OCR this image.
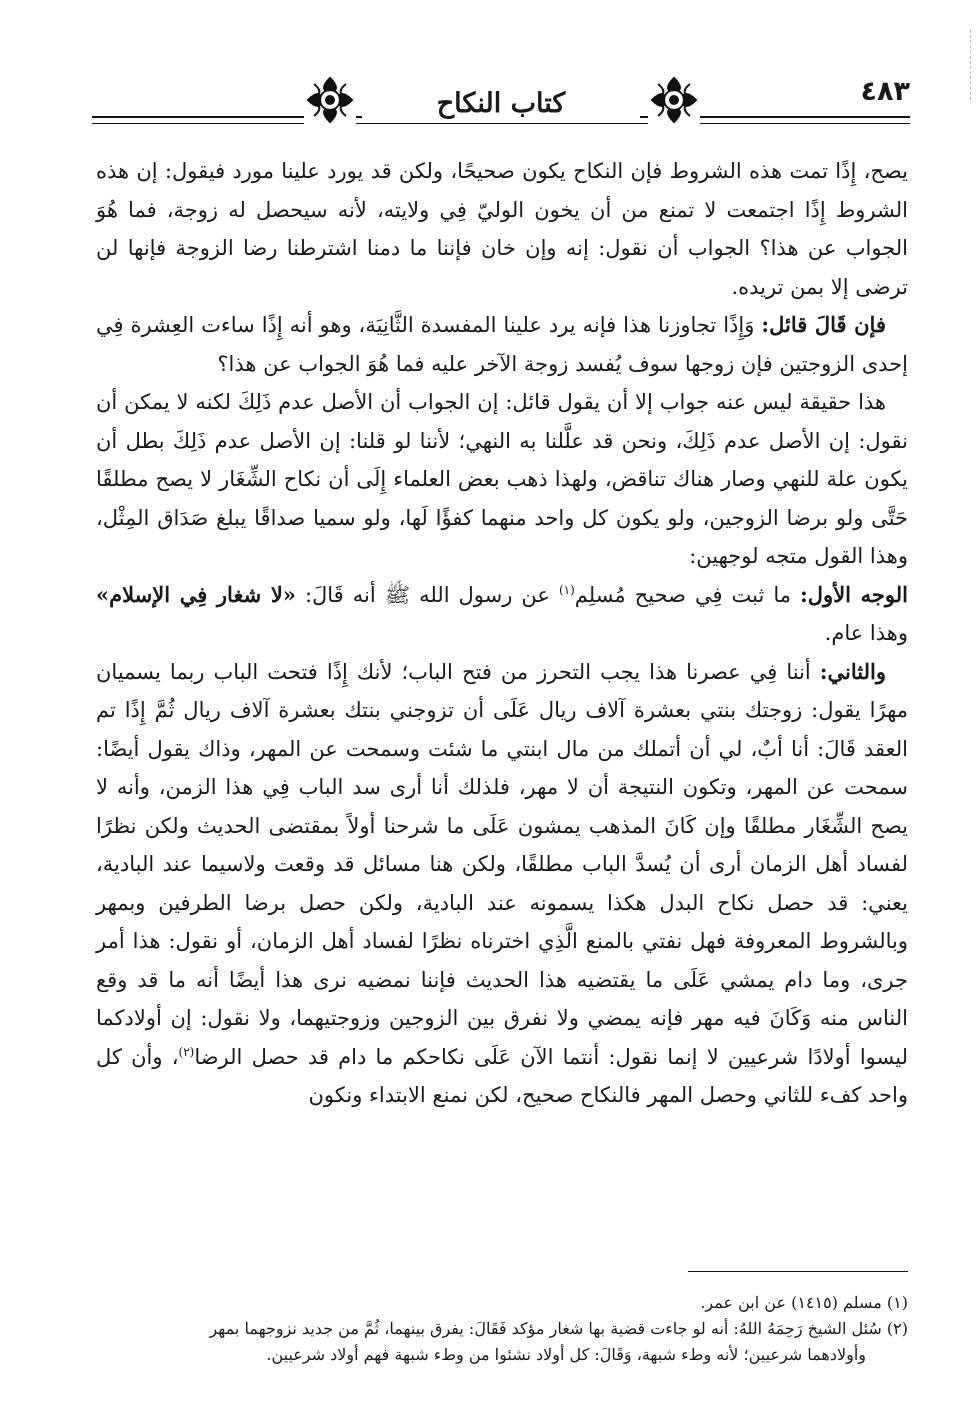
٤٨٣
كتاب النكاح

يصح، إِذًا تمت هذه الشروط فإن النكاح يكون صحيحًا، ولكن قد يورد علينا مورد فيقول: إن هذه الشروط إِذًا اجتمعت لا تمنع من أن يخون الوليّ فِي ولايته، لأنه سيحصل له زوجة، فما هُوَ الجواب عن هذا؟ الجواب أن نقول: إنه وإن خان فإننا ما دمنا اشترطنا رضا الزوجة فإنها لن ترضى إلا بمن تريده.

فإن قَالَ قائل: وَإِذًا تجاوزنا هذا فإنه يرد علينا المفسدة الثَّانِيَة، وهو أنه إِذًا ساءت العِشرة فِي إحدى الزوجتين فإن زوجها سوف يُفسد زوجة الآخر عليه فما هُوَ الجواب عن هذا؟

هذا حقيقة ليس عنه جواب إلا أن يقول قائل: إن الجواب أن الأصل عدم ذَلِكَ لكنه لا يمكن أن نقول: إن الأصل عدم ذَلِكَ، ونحن قد علَّلنا به النهي؛ لأننا لو قلنا: إن الأصل عدم ذَلِكَ بطل أن يكون علة للنهي وصار هناك تناقض، ولهذا ذهب بعض العلماء إِلَى أن نكاح الشِّغَار لا يصح مطلقًا حَتَّى ولو برضا الزوجين، ولو يكون كل واحد منهما كفؤًا لَها، ولو سميا صداقًا يبلغ صَدَاق المِثْل، وهذا القول متجه لوجهين:

الوجه الأول: ما ثبت فِي صحيح مُسلِم$^{(١)}$ عن رسول الله ﷺ أنه قَالَ: «لا شغار فِي الإسلام» وهذا عام.

والثاني: أننا فِي عصرنا هذا يجب التحرز من فتح الباب؛ لأنك إِذًا فتحت الباب ربما يسميان مهرًا يقول: زوجتك بنتي بعشرة آلاف ريال عَلَى أن تزوجني بنتك بعشرة آلاف ريال ثُمَّ إِذًا تم العقد قَالَ: أنا أبٌ، لي أن أتملك من مال ابنتي ما شئت وسمحت عن المهر، وذاك يقول أيضًا: سمحت عن المهر، وتكون النتيجة أن لا مهر، فلذلك أنا أرى سد الباب فِي هذا الزمن، وأنه لا يصح الشِّغَار مطلقًا وإن كَانَ المذهب يمشون عَلَى ما شرحنا أولاً بمقتضى الحديث ولكن نظرًا لفساد أهل الزمان أرى أن يُسدَّ الباب مطلقًا، ولكن هنا مسائل قد وقعت ولاسيما عند البادية، يعني: قد حصل نكاح البدل هكذا يسمونه عند البادية، ولكن حصل برضا الطرفين وبمهر وبالشروط المعروفة فهل نفتي بالمنع الَّذِي اخترناه نظرًا لفساد أهل الزمان، أو نقول: هذا أمر جرى، وما دام يمشي عَلَى ما يقتضيه هذا الحديث فإننا نمضيه نرى هذا أيضًا أنه ما قد وقع الناس منه وَكَانَ فيه مهر فإنه يمضي ولا نفرق بين الزوجين وزوجتيهما، ولا نقول: إن أولادكما ليسوا أولادًا شرعيين لا إنما نقول: أنتما الآن عَلَى نكاحكم ما دام قد حصل الرضا$^{(٢)}$، وأن كل واحد كفء للثاني وحصل المهر فالنكاح صحيح، لكن نمنع الابتداء ونكون

(١) مسلم (١٤١٥) عن ابن عمر.

(٢) سُئل الشيخ رَحِمَهُ اللهُ: أنه لو جاءت قضية بها شغار مؤكد فَقَالَ: يفرق بينهما، ثُمَّ من جديد نزوجهما بمهر

وأولادهما شرعيين؛ لأنه وطء شبهة، وَقَالَ: كل أولاد نشئوا من وطء شبهة فهم أولاد شرعيين.
